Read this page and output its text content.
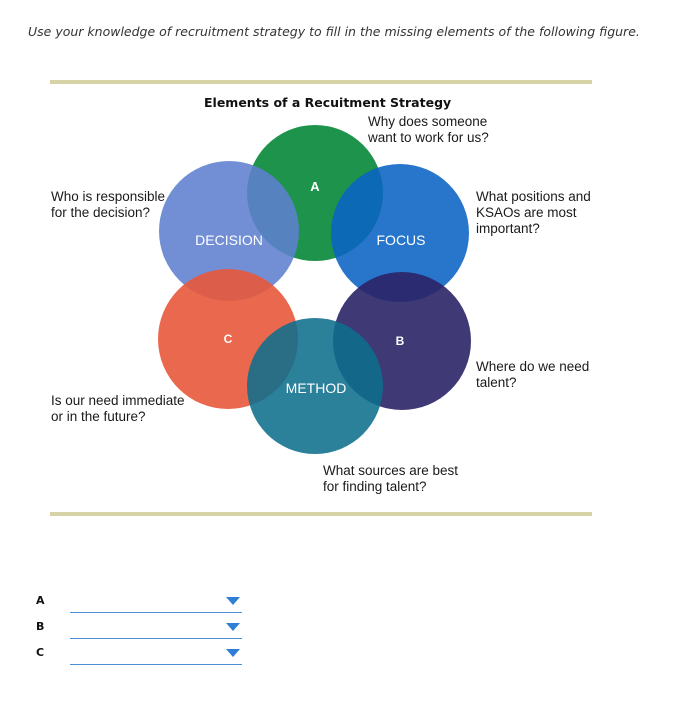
Use your knowledge of recruitment strategy to fill in the missing elements of the following figure.
Elements of a Recuitment Strategy
A
DECISION	FOCUS
C	B
METHOD
Why does someone
want to work for us?
Who is responsible
for the decision?
What positions and
KSAOs are most
important?
Where do we need
talent?
Is our need immediate
or in the future?
What sources are best
for finding talent?
A
B
C
